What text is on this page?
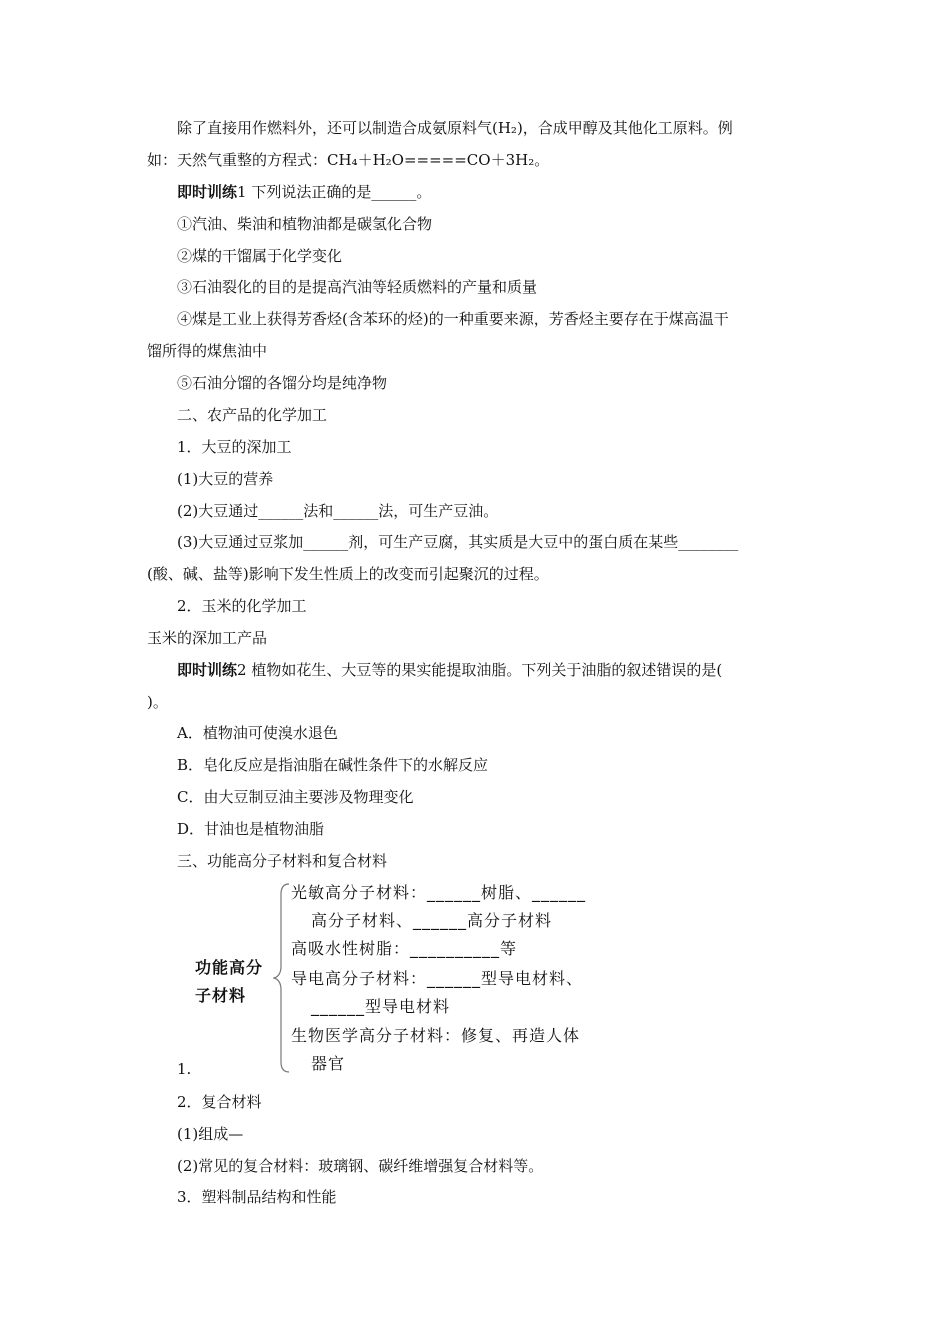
除了直接用作燃料外，还可以制造合成氨原料气(H₂)，合成甲醇及其他化工原料。例
如：天然气重整的方程式：CH₄＋H₂O=====CO＋3H₂。
即时训练1 下列说法正确的是______。
①汽油、柴油和植物油都是碳氢化合物
②煤的干馏属于化学变化
③石油裂化的目的是提高汽油等轻质燃料的产量和质量
④煤是工业上获得芳香烃(含苯环的烃)的一种重要来源，芳香烃主要存在于煤高温干
馏所得的煤焦油中
⑤石油分馏的各馏分均是纯净物
二、农产品的化学加工
1．大豆的深加工
(1)大豆的营养
(2)大豆通过______法和______法，可生产豆油。
(3)大豆通过豆浆加______剂，可生产豆腐，其实质是大豆中的蛋白质在某些________
(酸、碱、盐等)影响下发生性质上的改变而引起聚沉的过程。
2．玉米的化学加工
玉米的深加工产品
即时训练2 植物如花生、大豆等的果实能提取油脂。下列关于油脂的叙述错误的是(
)。
A．植物油可使溴水退色
B．皂化反应是指油脂在碱性条件下的水解反应
C．由大豆制豆油主要涉及物理变化
D．甘油也是植物油脂
三、功能高分子材料和复合材料
功能高分
子材料
光敏高分子材料：______树脂、______
高分子材料、______高分子材料
高吸水性树脂：__________等
导电高分子材料：______型导电材料、
______型导电材料
生物医学高分子材料：修复、再造人体
器官
1.
2．复合材料
(1)组成—
(2)常见的复合材料：玻璃钢、碳纤维增强复合材料等。
3．塑料制品结构和性能
